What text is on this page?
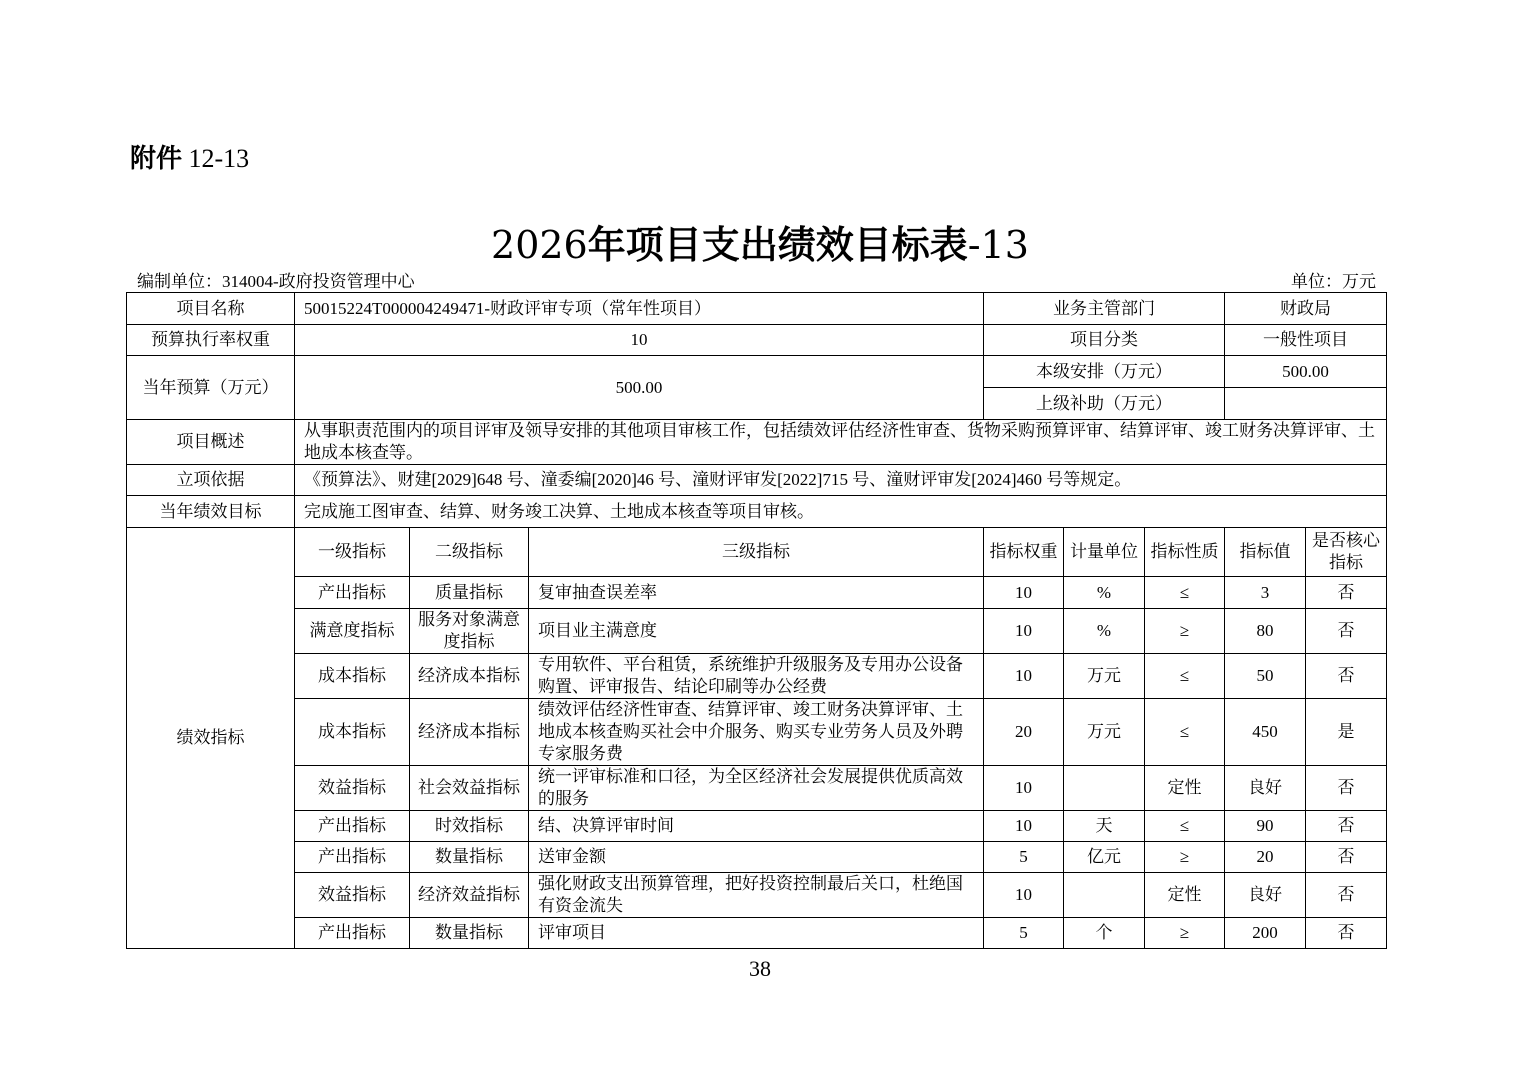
附件 12-13
2026年项目支出绩效目标表-13
编制单位：314004-政府投资管理中心	单位：万元
项目名称	50015224T000004249471-财政评审专项（常年性项目）			业务主管部门			财政局	
预算执行率权重	10			项目分类			一般性项目	
当年预算（万元）	500.00			本级安排（万元）			500.00	
				上级补助（万元）				
项目概述	从事职责范围内的项目评审及领导安排的其他项目审核工作，包括绩效评估经济性审查、货物采购预算评审、结算评审、竣工财务决算评审、土地成本核查等。							
立项依据	《预算法》、财建[2029]648 号、潼委编[2020]46 号、潼财评审发[2022]715 号、潼财评审发[2024]460 号等规定。							
当年绩效目标	完成施工图审查、结算、财务竣工决算、土地成本核查等项目审核。							
绩效指标	一级指标	二级指标	三级指标	指标权重	计量单位	指标性质	指标值	是否核心指标
	产出指标	质量指标	复审抽查误差率	10	%	≤	3	否
	满意度指标	服务对象满意度指标	项目业主满意度	10	%	≥	80	否
	成本指标	经济成本指标	专用软件、平台租赁，系统维护升级服务及专用办公设备购置、评审报告、结论印刷等办公经费	10	万元	≤	50	否
	成本指标	经济成本指标	绩效评估经济性审查、结算评审、竣工财务决算评审、土地成本核查购买社会中介服务、购买专业劳务人员及外聘专家服务费	20	万元	≤	450	是
	效益指标	社会效益指标	统一评审标准和口径，为全区经济社会发展提供优质高效的服务	10		定性	良好	否
	产出指标	时效指标	结、决算评审时间	10	天	≤	90	否
	产出指标	数量指标	送审金额	5	亿元	≥	20	否
	效益指标	经济效益指标	强化财政支出预算管理，把好投资控制最后关口，杜绝国有资金流失	10		定性	良好	否
	产出指标	数量指标	评审项目	5	个	≥	200	否
38
